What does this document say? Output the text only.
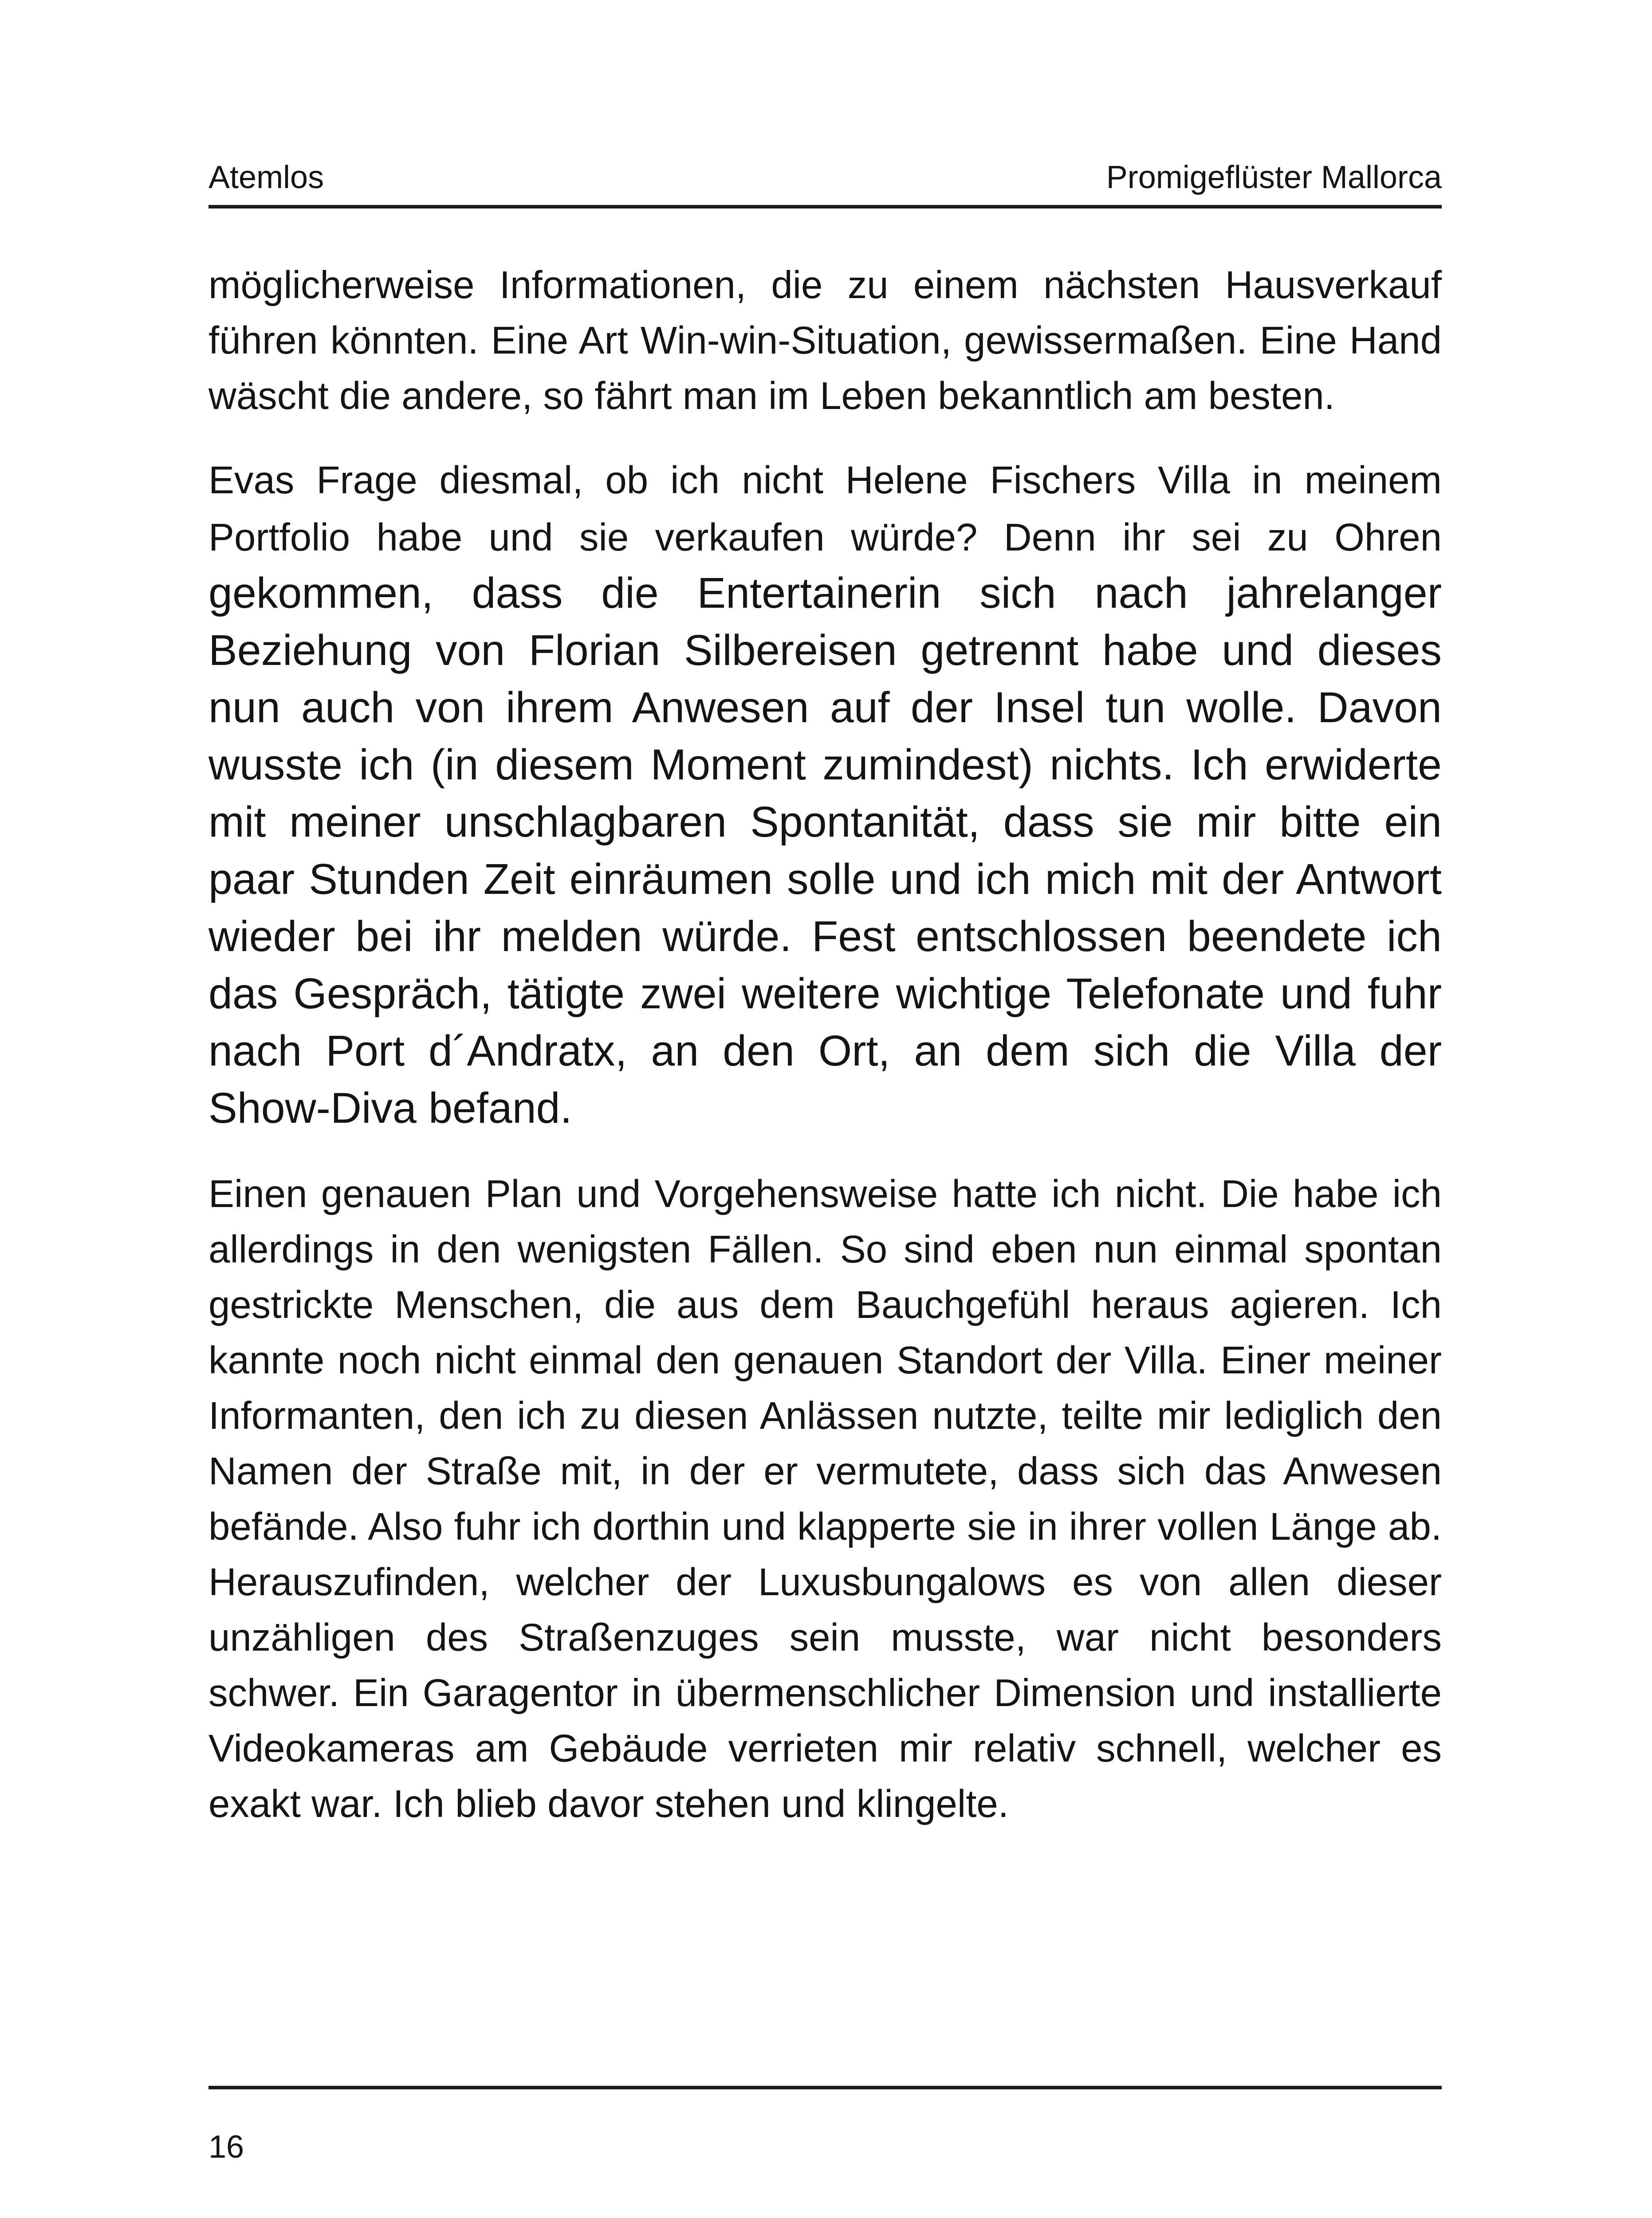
Atemlos	Promigeflüster Mallorca

möglicherweise Informationen, die zu einem nächsten Hausverkauf führen könnten. Eine Art Win-win-Situation, gewissermaßen. Eine Hand wäscht die andere, so fährt man im Leben bekanntlich am besten.

Evas Frage diesmal, ob ich nicht Helene Fischers Villa in meinem Portfolio habe und sie verkaufen würde? Denn ihr sei zu Ohren gekommen, dass die Entertainerin sich nach jahrelanger Beziehung von Florian Silbereisen getrennt habe und dieses nun auch von ihrem Anwesen auf der Insel tun wolle. Davon wusste ich (in diesem Moment zumindest) nichts. Ich erwiderte mit meiner unschlagbaren Spontanität, dass sie mir bitte ein paar Stunden Zeit einräumen solle und ich mich mit der Antwort wieder bei ihr melden würde. Fest entschlossen beendete ich das Gespräch, tätigte zwei weitere wichtige Telefonate und fuhr nach Port d´Andratx, an den Ort, an dem sich die Villa der Show-Diva befand.

Einen genauen Plan und Vorgehensweise hatte ich nicht. Die habe ich allerdings in den wenigsten Fällen. So sind eben nun einmal spontan gestrickte Menschen, die aus dem Bauchgefühl heraus agieren. Ich kannte noch nicht einmal den genauen Standort der Villa. Einer meiner Informanten, den ich zu diesen Anlässen nutzte, teilte mir lediglich den Namen der Straße mit, in der er vermutete, dass sich das Anwesen befände. Also fuhr ich dorthin und klapperte sie in ihrer vollen Länge ab. Herauszufinden, welcher der Luxusbungalows es von allen dieser unzähligen des Straßenzuges sein musste, war nicht besonders schwer. Ein Garagentor in übermenschlicher Dimension und installierte Videokameras am Gebäude verrieten mir relativ schnell, welcher es exakt war. Ich blieb davor stehen und klingelte.

16
